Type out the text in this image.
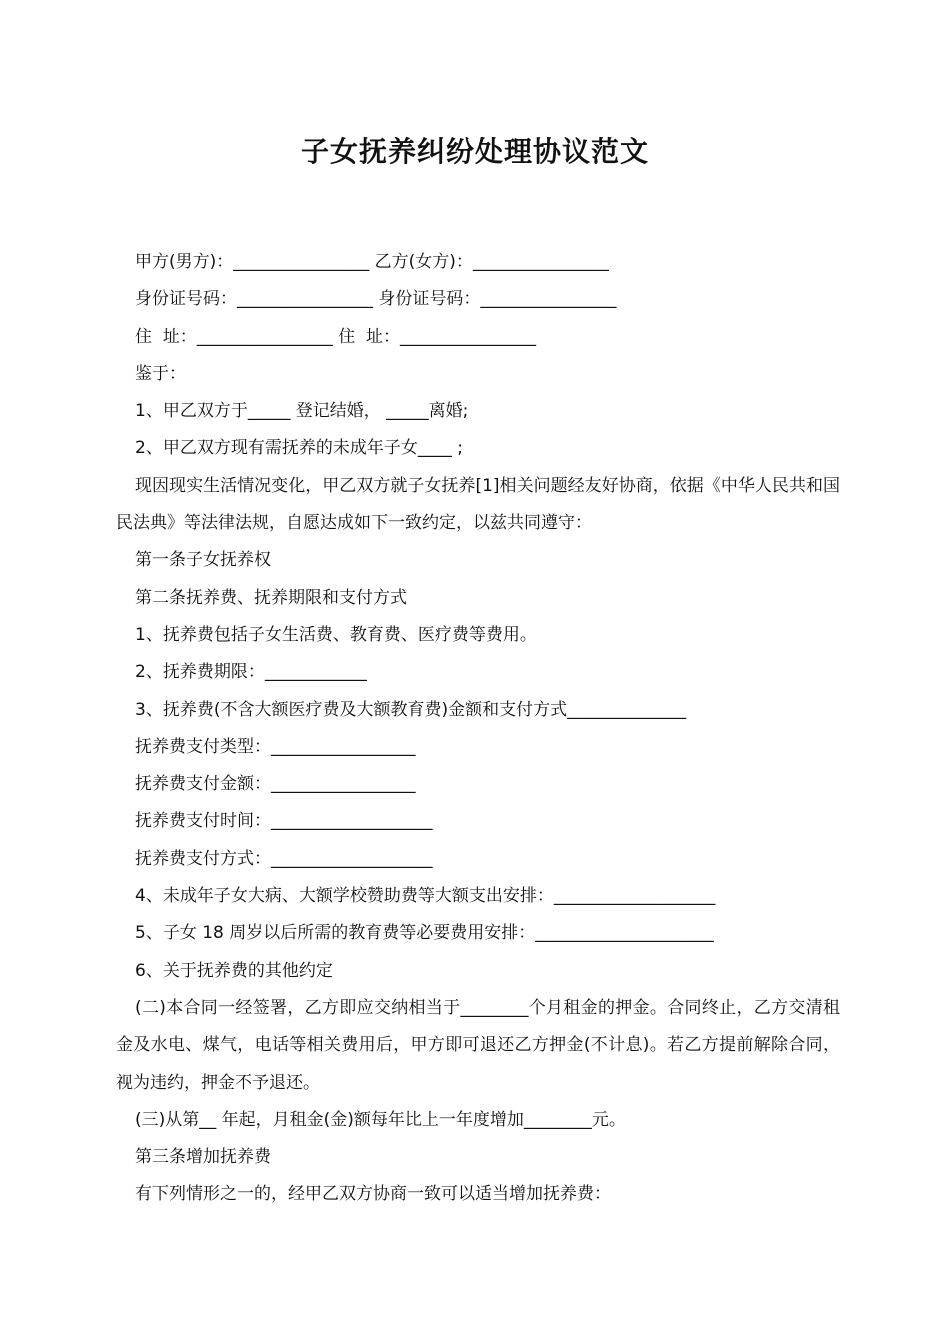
子女抚养纠纷处理协议范文
甲方(男方)：________________ 乙方(女方)：________________
身份证号码：________________ 身份证号码：________________
住  址：________________ 住  址：________________
鉴于：
1、甲乙双方于_____ 登记结婚， _____离婚;
2、甲乙双方现有需抚养的未成年子女____ ;
现因现实生活情况变化，甲乙双方就子女抚养[1]相关问题经友好协商，依据《中华人民共和国民法典》等法律法规，自愿达成如下一致约定，以兹共同遵守：
第一条子女抚养权
第二条抚养费、抚养期限和支付方式
1、抚养费包括子女生活费、教育费、医疗费等费用。
2、抚养费期限：____________
3、抚养费(不含大额医疗费及大额教育费)金额和支付方式______________
抚养费支付类型：_________________
抚养费支付金额：_________________
抚养费支付时间：___________________
抚养费支付方式：___________________
4、未成年子女大病、大额学校赞助费等大额支出安排：___________________
5、子女 18 周岁以后所需的教育费等必要费用安排：_____________________
6、关于抚养费的其他约定
(二)本合同一经签署，乙方即应交纳相当于________个月租金的押金。合同终止，乙方交清租金及水电、煤气，电话等相关费用后，甲方即可退还乙方押金(不计息)。若乙方提前解除合同，视为违约，押金不予退还。
(三)从第__ 年起，月租金(金)额每年比上一年度增加________元。
第三条增加抚养费
有下列情形之一的，经甲乙双方协商一致可以适当增加抚养费：
